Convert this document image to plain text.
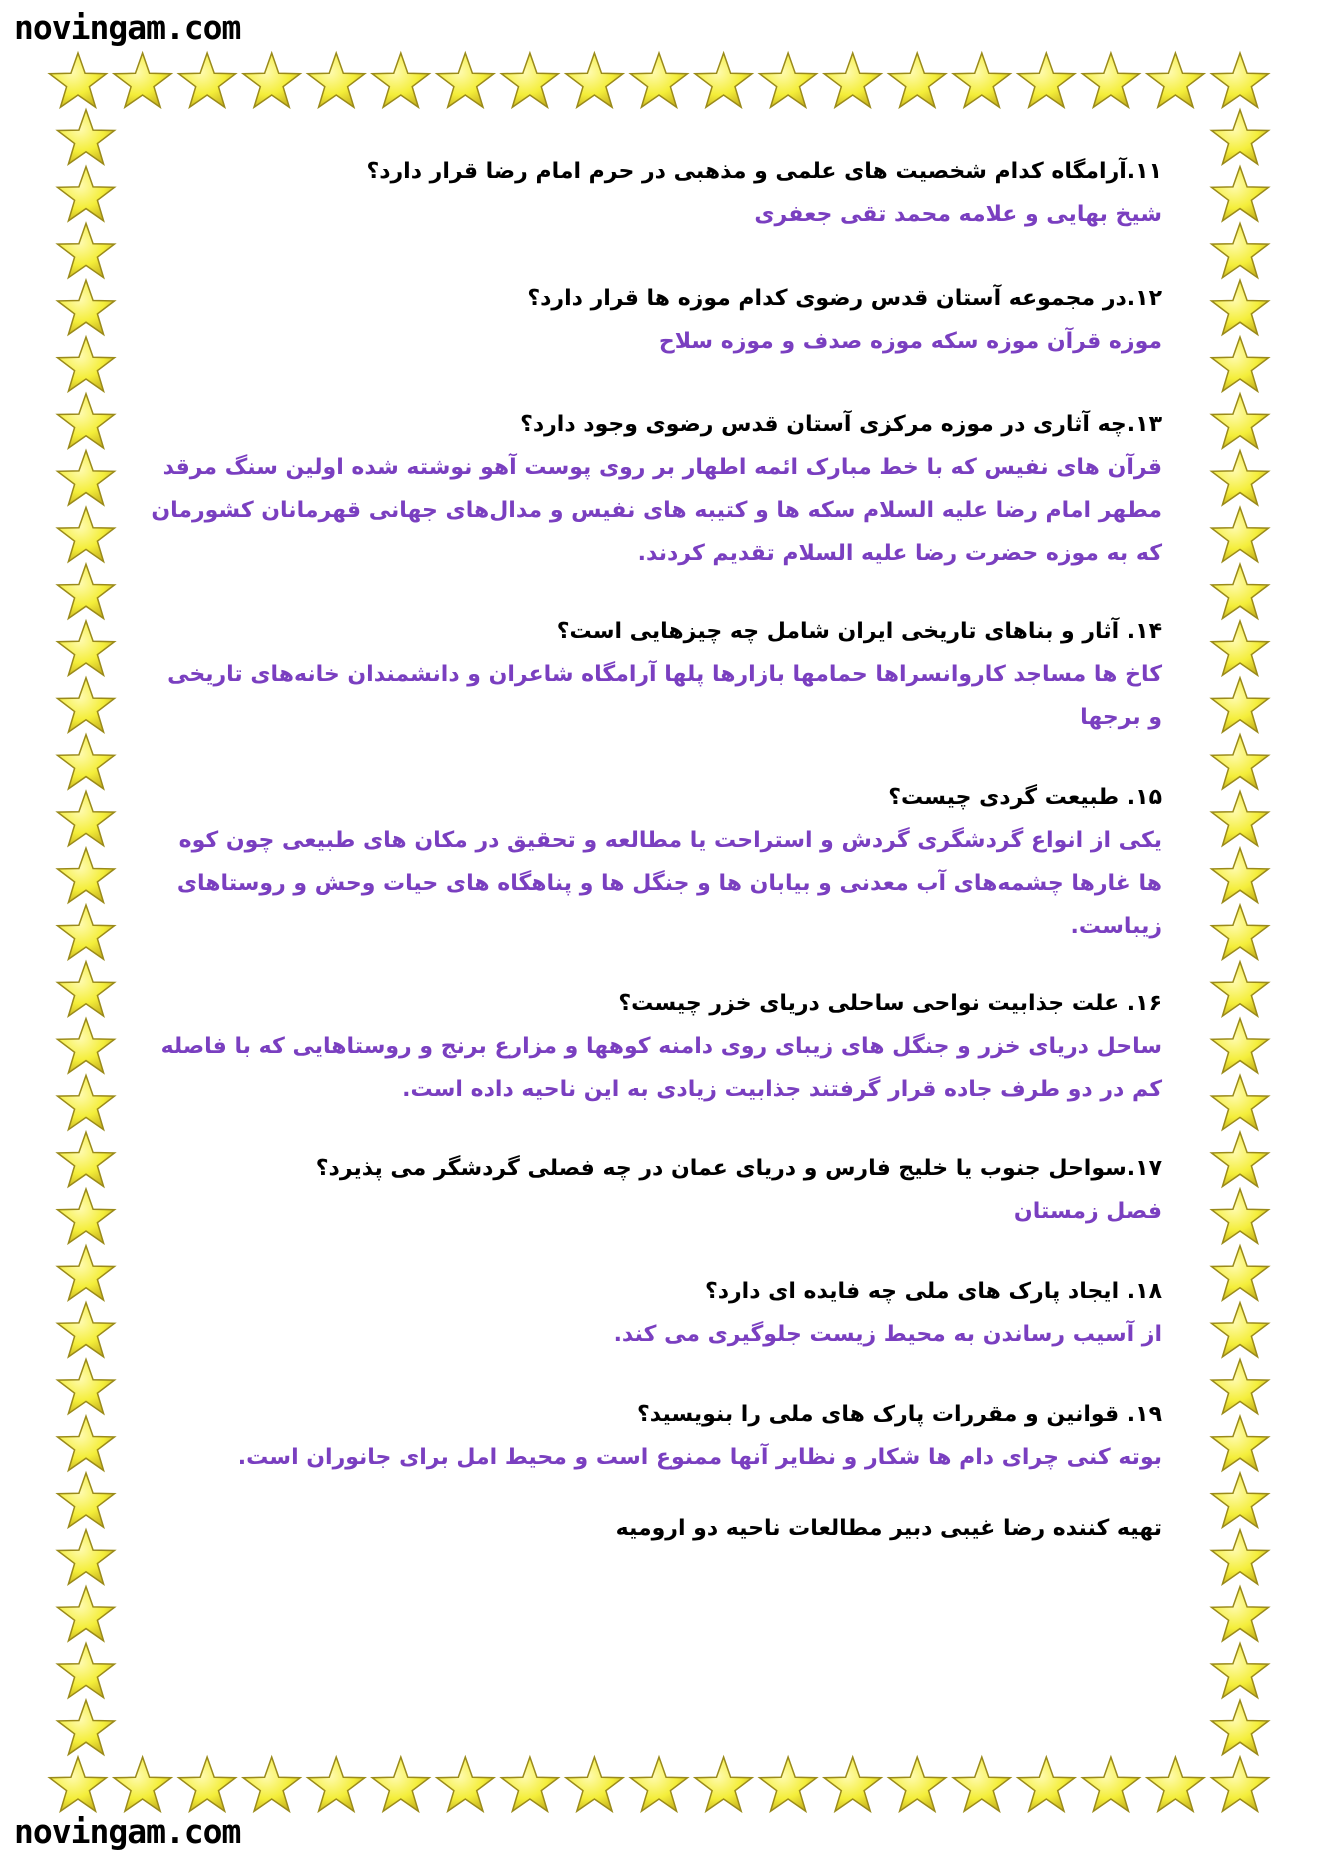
novingam.com
novingam.com
۱۱.آرامگاه کدام شخصیت های علمی و مذهبی در حرم امام رضا قرار دارد؟
شیخ بهایی و علامه محمد تقی جعفری
۱۲.در مجموعه آستان قدس رضوی کدام موزه ها قرار دارد؟
موزه قرآن موزه سکه موزه صدف و موزه سلاح
۱۳.چه آثاری در موزه مرکزی آستان قدس رضوی وجود دارد؟
قرآن های نفیس که با خط مبارک ائمه اطهار بر روی پوست آهو نوشته شده اولین سنگ مرقد مطهر امام رضا علیه السلام سکه ها و کتیبه های نفیس و مدال‌های جهانی قهرمانان کشورمان که به موزه حضرت رضا علیه السلام تقدیم کردند.
۱۴. آثار و بناهای تاریخی ایران شامل چه چیزهایی است؟
کاخ ها مساجد کاروانسراها حمامها بازارها پلها آرامگاه شاعران و دانشمندان خانه‌های تاریخی و برجها
۱۵. طبیعت گردی چیست؟
یکی از انواع گردشگری گردش و استراحت یا مطالعه و تحقیق در مکان های طبیعی چون کوه ها غارها چشمه‌های آب معدنی و بیابان ها و جنگل ها و پناهگاه های حیات وحش و روستاهای زیباست.
۱۶. علت جذابیت نواحی ساحلی دریای خزر چیست؟
ساحل دریای خزر و جنگل های زیبای روی دامنه کوهها و مزارع برنج و روستاهایی که با فاصله کم در دو طرف جاده قرار گرفتند جذابیت زیادی به این ناحیه داده است.
۱۷.سواحل جنوب یا خلیج فارس و دریای عمان در چه فصلی گردشگر می پذیرد؟
فصل زمستان
۱۸. ایجاد پارک های ملی چه فایده ای دارد؟
از آسیب رساندن به محیط زیست جلوگیری می کند.
۱۹. قوانین و مقررات پارک های ملی را بنویسید؟
بوته کنی چرای دام ها شکار و نظایر آنها ممنوع است و محیط امل برای جانوران است.
تهیه کننده رضا غیبی دبیر مطالعات ناحیه دو ارومیه
